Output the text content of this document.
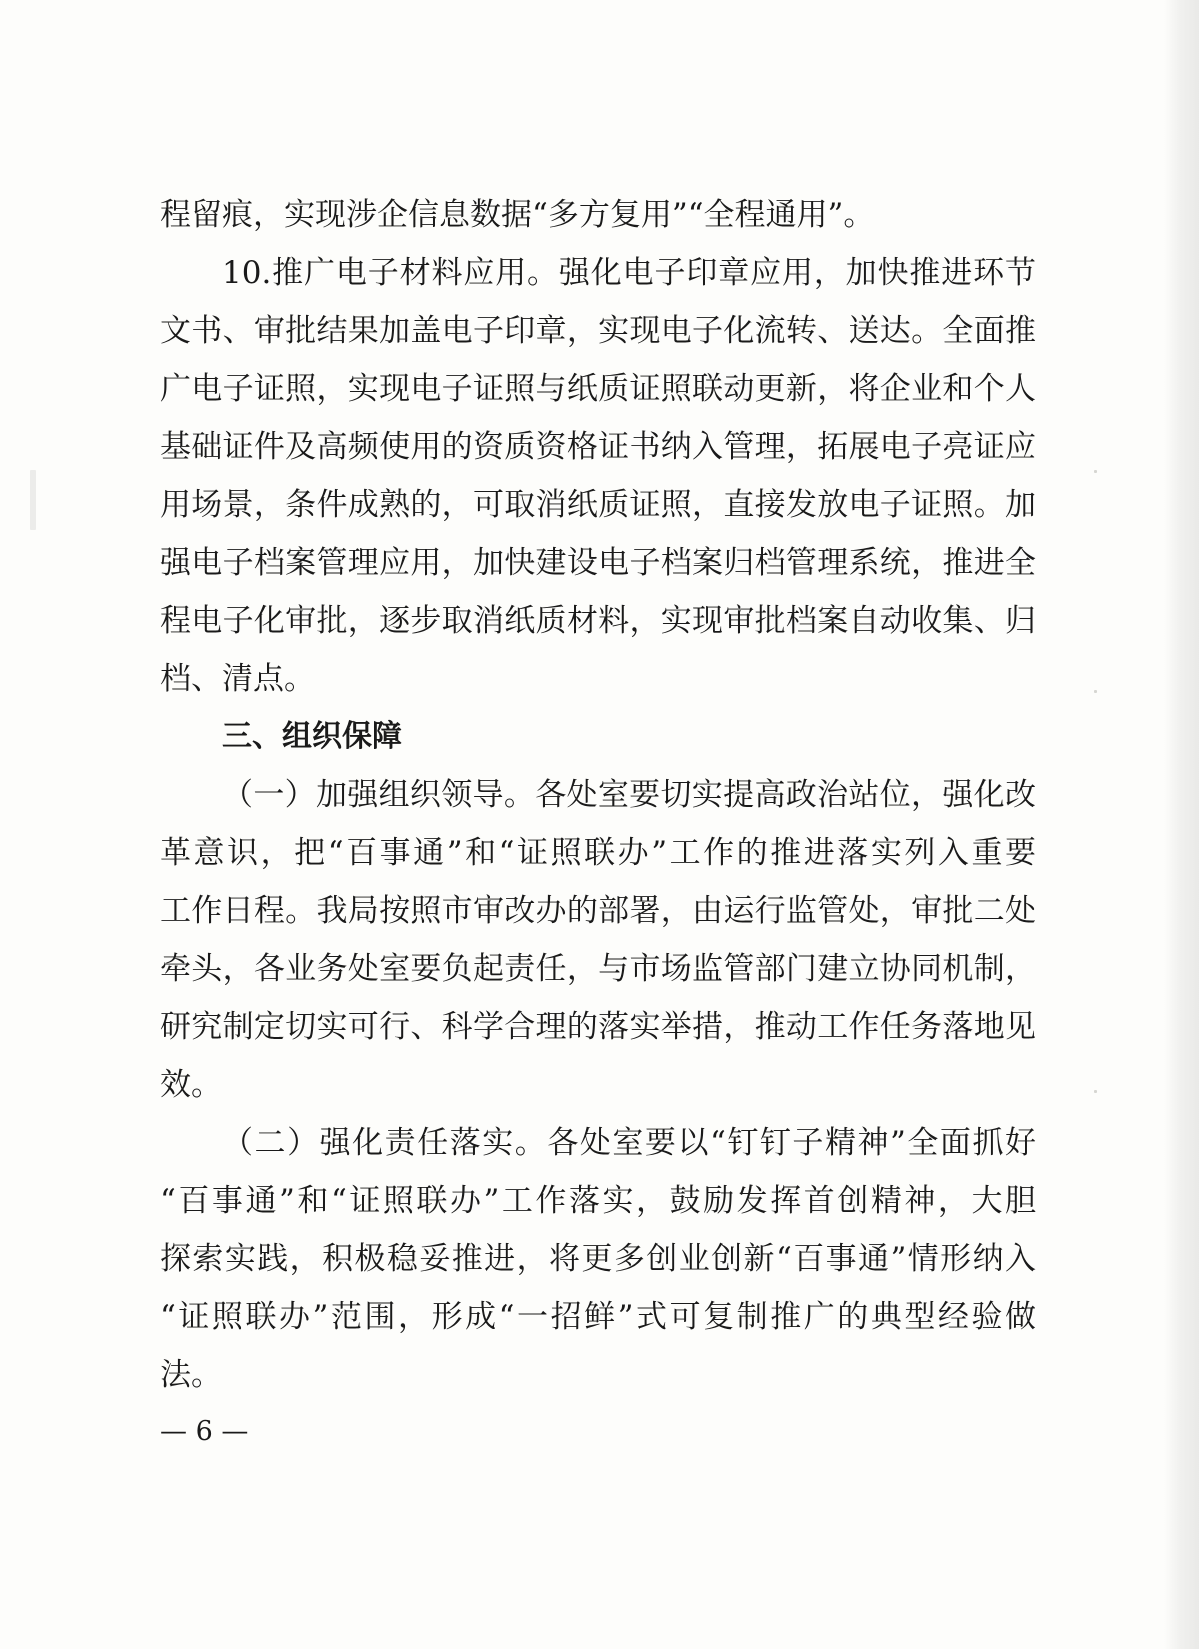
程留痕，实现涉企信息数据“多方复用”“全程通用”。
10.推广电子材料应用。强化电子印章应用，加快推进环节
文书、审批结果加盖电子印章，实现电子化流转、送达。全面推
广电子证照，实现电子证照与纸质证照联动更新，将企业和个人
基础证件及高频使用的资质资格证书纳入管理，拓展电子亮证应
用场景，条件成熟的，可取消纸质证照，直接发放电子证照。加
强电子档案管理应用，加快建设电子档案归档管理系统，推进全
程电子化审批，逐步取消纸质材料，实现审批档案自动收集、归
档、清点。
三、组织保障
（一）加强组织领导。各处室要切实提高政治站位，强化改
革意识，把“百事通”和“证照联办”工作的推进落实列入重要
工作日程。我局按照市审改办的部署，由运行监管处，审批二处
牵头，各业务处室要负起责任，与市场监管部门建立协同机制，
研究制定切实可行、科学合理的落实举措，推动工作任务落地见
效。
（二）强化责任落实。各处室要以“钉钉子精神”全面抓好
“百事通”和“证照联办”工作落实，鼓励发挥首创精神，大胆
探索实践，积极稳妥推进，将更多创业创新“百事通”情形纳入
“证照联办”范围，形成“一招鲜”式可复制推广的典型经验做
法。
— 6 —
